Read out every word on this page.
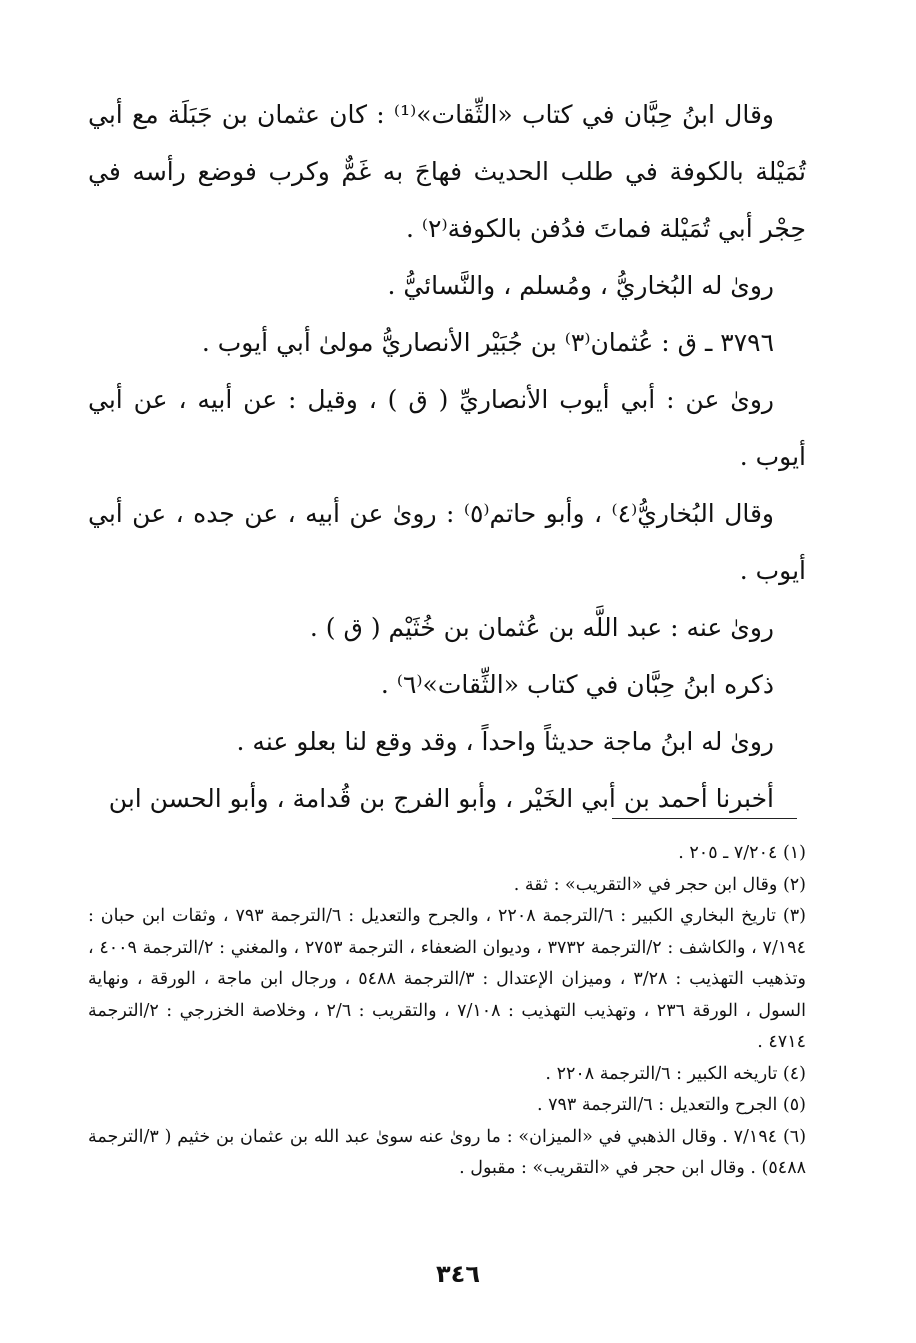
وقال ابنُ حِبَّان في كتاب «الثِّقات»⁽¹⁾ : كان عثمان بن جَبَلَة مع أبي تُمَيْلة بالكوفة في طلب الحديث فهاجَ به غَمٌّ وكرب فوضع رأسه في حِجْر أبي تُمَيْلة فماتَ فدُفن بالكوفة⁽٢⁾ .

روىٰ له البُخاريُّ ، ومُسلم ، والنَّسائيُّ .

٣٧٩٦ ـ ق : عُثمان⁽٣⁾ بن جُبَيْر الأنصاريُّ مولىٰ أبي أيوب .

روىٰ عن : أبي أيوب الأنصاريِّ ( ق ) ، وقيل : عن أبيه ، عن أبي أيوب .

وقال البُخاريُّ⁽٤⁾ ، وأبو حاتم⁽٥⁾ : روىٰ عن أبيه ، عن جده ، عن أبي أيوب .

روىٰ عنه : عبد اللَّه بن عُثمان بن خُثَيْم ( ق ) .

ذكره ابنُ حِبَّان في كتاب «الثِّقات»⁽٦⁾ .

روىٰ له ابنُ ماجة حديثاً واحداً ، وقد وقع لنا بعلو عنه .

أخبرنا أحمد بن أبي الخَيْر ، وأبو الفرج بن قُدامة ، وأبو الحسن ابن

(١) ٧/٢٠٤ ـ ٢٠٥ .

(٢) وقال ابن حجر في «التقريب» : ثقة .

(٣) تاريخ البخاري الكبير : ٦/الترجمة ٢٢٠٨ ، والجرح والتعديل : ٦/الترجمة ٧٩٣ ، وثقات ابن حبان : ٧/١٩٤ ، والكاشف : ٢/الترجمة ٣٧٣٢ ، وديوان الضعفاء ، الترجمة ٢٧٥٣ ، والمغني : ٢/الترجمة ٤٠٠٩ ، وتذهيب التهذيب : ٣/٢٨ ، وميزان الإعتدال : ٣/الترجمة ٥٤٨٨ ، ورجال ابن ماجة ، الورقة ، ونهاية السول ، الورقة ٢٣٦ ، وتهذيب التهذيب : ٧/١٠٨ ، والتقريب : ٢/٦ ، وخلاصة الخزرجي : ٢/الترجمة ٤٧١٤ .

(٤) تاريخه الكبير : ٦/الترجمة ٢٢٠٨ .

(٥) الجرح والتعديل : ٦/الترجمة ٧٩٣ .

(٦) ٧/١٩٤ . وقال الذهبي في «الميزان» : ما روىٰ عنه سوىٰ عبد الله بن عثمان بن خثيم ( ٣/الترجمة ٥٤٨٨) . وقال ابن حجر في «التقريب» : مقبول .

٣٤٦
